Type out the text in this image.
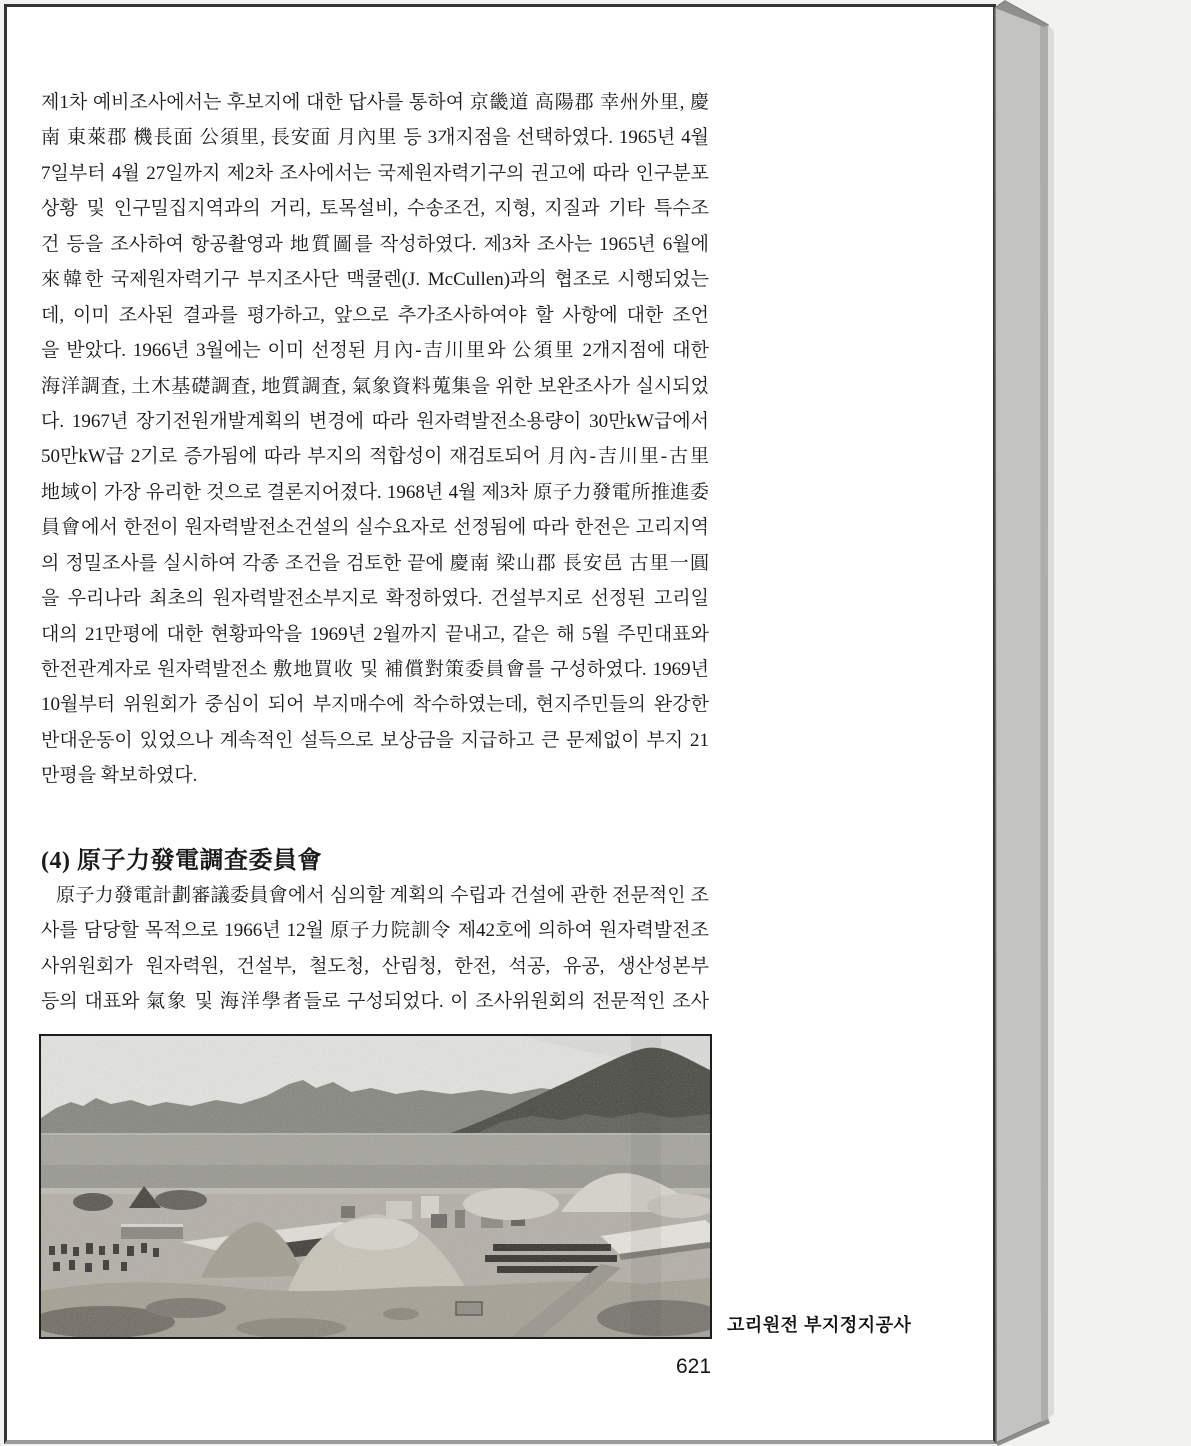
제1차 예비조사에서는 후보지에 대한 답사를 통하여 京畿道 高陽郡 幸州外里, 慶
南 東萊郡 機長面 公須里, 長安面 月內里 등 3개지점을 선택하였다. 1965년 4월
7일부터 4월 27일까지 제2차 조사에서는 국제원자력기구의 권고에 따라 인구분포
상황 및 인구밀집지역과의 거리, 토목설비, 수송조건, 지형, 지질과 기타 특수조
건 등을 조사하여 항공촬영과 地質圖를 작성하였다. 제3차 조사는 1965년 6월에
來韓한 국제원자력기구 부지조사단 맥쿨렌(J. McCullen)과의 협조로 시행되었는
데, 이미 조사된 결과를 평가하고, 앞으로 추가조사하여야 할 사항에 대한 조언
을 받았다. 1966년 3월에는 이미 선정된 月內-吉川里와 公須里 2개지점에 대한
海洋調査, 土木基礎調査, 地質調査, 氣象資料蒐集을 위한 보완조사가 실시되었
다. 1967년 장기전원개발계획의 변경에 따라 원자력발전소용량이 30만kW급에서
50만kW급 2기로 증가됨에 따라 부지의 적합성이 재검토되어 月內-吉川里-古里
地域이 가장 유리한 것으로 결론지어졌다. 1968년 4월 제3차 原子力發電所推進委
員會에서 한전이 원자력발전소건설의 실수요자로 선정됨에 따라 한전은 고리지역
의 정밀조사를 실시하여 각종 조건을 검토한 끝에 慶南 梁山郡 長安邑 古里一圓
을 우리나라 최초의 원자력발전소부지로 확정하였다. 건설부지로 선정된 고리일
대의 21만평에 대한 현황파악을 1969년 2월까지 끝내고, 같은 해 5월 주민대표와
한전관계자로 원자력발전소 敷地買收 및 補償對策委員會를 구성하였다. 1969년
10월부터 위원회가 중심이 되어 부지매수에 착수하였는데, 현지주민들의 완강한
반대운동이 있었으나 계속적인 설득으로 보상금을 지급하고 큰 문제없이 부지 21
만평을 확보하였다.
(4) 原子力發電調査委員會
原子力發電計劃審議委員會에서 심의할 계획의 수립과 건설에 관한 전문적인 조
사를 담당할 목적으로 1966년 12월 原子力院訓令 제42호에 의하여 원자력발전조
사위원회가 원자력원, 건설부, 철도청, 산림청, 한전, 석공, 유공, 생산성본부
등의 대표와 氣象 및 海洋學者들로 구성되었다. 이 조사위원회의 전문적인 조사
고리원전 부지정지공사
621
